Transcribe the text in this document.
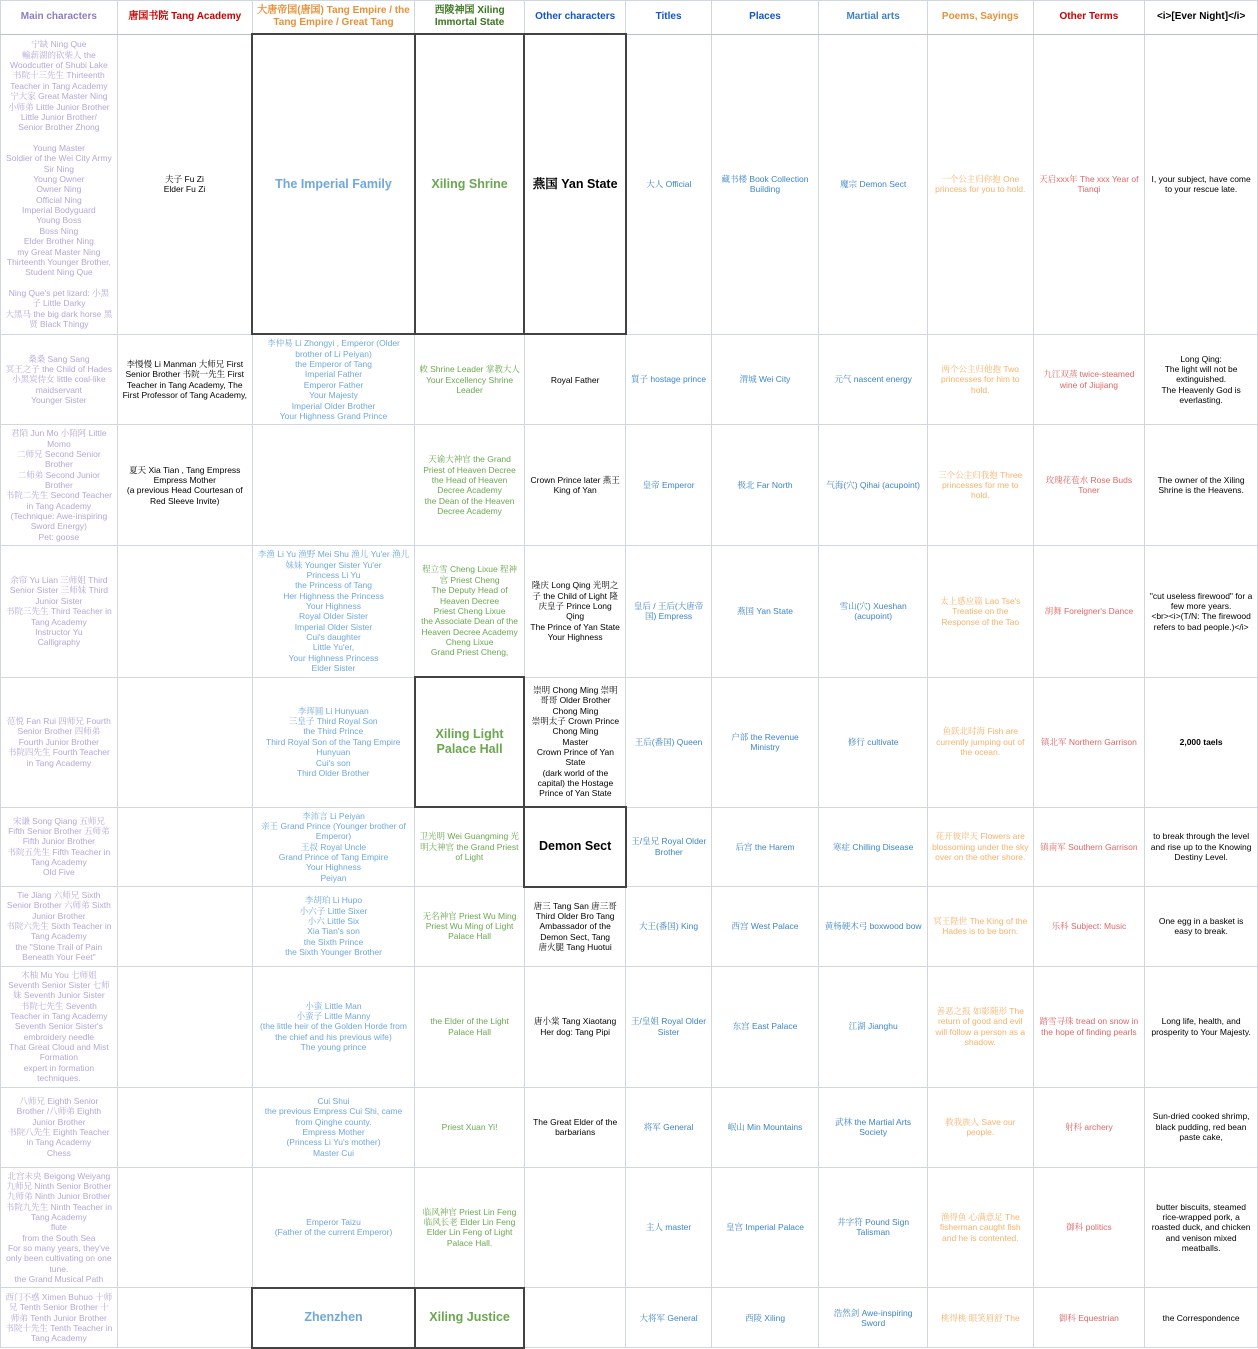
Main characters	唐国书院 Tang Academy	大唐帝国(唐国) Tang Empire / the Tang Empire / Great Tang	西陵神国 Xiling Immortal State	Other characters	Titles	Places	Martial arts	Poems, Sayings	Other Terms	<i>[Ever Night]</i>
宁缺 Ning Que
輸薪湖的砍柴人 the Woodcutter of Shubi Lake
书院十三先生 Thirteenth Teacher in Tang Academy
宁大家 Great Master Ning 小师弟 Little Junior Brother
Little Junior Brother/
Senior Brother Zhong

Young Master
Soldier of the Wei City Army
Sir Ning
Young Owner
Owner Ning
Official Ning
Imperial Bodyguard
Young Boss
Boss Ning
Elder Brother Ning
my Great Master Ning
Thirteenth Younger Brother,
Student Ning Que

Ning Que's pet lizard: 小黑子 Little Darky
大黑马 the big dark horse 黑贤 Black Thingy	夫子 Fu Zi
Elder Fu Zi	The Imperial Family	Xiling Shrine	燕国 Yan State	大人 Official	藏书楼 Book Collection Building	魔宗 Demon Sect	一个公主归你抱 One princess for you to hold.	天启xxx年 The xxx Year of Tianqi	I, your subject, have come to your rescue late.
桑桑 Sang Sang
冥王之子 the Child of Hades
小黑炭侍女 little coal-like maidservant
Younger Sister	李慢慢 Li Manman 大师兄 First Senior Brother 书院一先生 First Teacher in Tang Academy, The First Professor of Tang Academy,	李仲易 Li Zhongyi , Emperor (Older brother of Li Peiyan)
the Emperor of Tang
Imperial Father
Emperor Father
Your Majesty
Imperial Older Brother
Your Highness Grand Prince	敕 Shrine Leader 掌教大人 Your Excellency Shrine Leader	Royal Father	質子 hostage prince	渭城 Wei City	元气 nascent energy	两个公主归他抱 Two princesses for him to hold.	九江双蒸 twice-steamed wine of Jiujiang	Long Qing:
The light will not be extinguished.
The Heavenly God is everlasting.
君陌 Jun Mo 小陌阿 Little Momo
二师兄 Second Senior Brother
二师弟 Second Junior Brother
书院二先生 Second Teacher in Tang Academy
(Technique: Awe-inspiring Sword Energy)
Pet: goose	夏天 Xia Tian , Tang Empress
Empress Mother
(a previous Head Courtesan of Red Sleeve Invite)		天谕大神官 the Grand Priest of Heaven Decree
the Head of Heaven Decree Academy
the Dean of the Heaven Decree Academy	Crown Prince later 燕王 King of Yan	皇帝 Emperor	极北 Far North	气海(穴) Qihai (acupoint)	三个公主归我抱 Three princesses for me to hold.	玫瑰花苞水 Rose Buds Toner	The owner of the Xiling Shrine is the Heavens.
余帘 Yu Lian 三师姐 Third Senior Sister 三师妹 Third Junior Sister
书院三先生 Third Teacher in Tang Academy
Instructor Yu
Calligraphy		李渔 Li Yu 渔野 Mei Shu 渔儿 Yu'er 渔儿妹妹 Younger Sister Yu'er
Princess Li Yu
the Princess of Tang
Her Highness the Princess
Your Highness
Royal Older Sister
Imperial Older Sister
Cui's daughter
Little Yu'er,
Your Highness Princess
Elder Sister	程立雪 Cheng Lixue 程神官 Priest Cheng
The Deputy Head of Heaven Decree
Priest Cheng Lixue
the Associate Dean of the Heaven Decree Academy
Cheng Lixue
Grand Priest Cheng,	隆庆 Long Qing 光明之子 the Child of Light 隆庆皇子 Prince Long Qing
The Prince of Yan State
Your Highness	皇后 / 王后(大唐帝国) Empress	燕国 Yan State	雪山(穴) Xueshan (acupoint)	太上感应篇 Lao Tse's Treatise on the Response of the Tao	胡舞 Foreigner's Dance	"cut useless firewood" for a few more years.
<br><i>(T/N: The firewood refers to bad people.)</i>
范悦 Fan Rui 四师兄 Fourth Senior Brother 四师弟 Fourth Junior Brother
书院四先生 Fourth Teacher in Tang Academy		李珲圆 Li Hunyuan
三皇子 Third Royal Son
the Third Prince
Third Royal Son of the Tang Empire
Hunyuan
Cui's son
Third Older Brother	Xiling Light Palace Hall	崇明 Chong Ming 崇明哥哥 Older Brother Chong Ming
崇明太子 Crown Prince Chong Ming
Master
Crown Prince of Yan State
(dark world of the capital) the Hostage Prince of Yan State	王后(番国) Queen	户部 the Revenue Ministry	修行 cultivate	鱼跃北时海 Fish are currently jumping out of the ocean.	镇北军 Northern Garrison	2,000 taels
宋谦 Song Qiang 五师兄 Fifth Senior Brother 五师弟 Fifth Junior Brother
书院五先生 Fifth Teacher in Tang Academy
Old Five		李沛言 Li Peiyan
亲王 Grand Prince (Younger brother of Emperor)
王叔 Royal Uncle
Grand Prince of Tang Empire
Your Highness
Peiyan	卫光明 Wei Guangming 光明大神官 the Grand Priest of Light	Demon Sect	王/皇兄 Royal Older Brother	后宫 the Harem	寒症 Chilling Disease	花开彼岸天 Flowers are blossoming under the sky over on the other shore.	镇南军 Southern Garrison	to break through the level and rise up to the Knowing Destiny Level.
Tie Jiang 六师兄 Sixth Senior Brother 六师弟 Sixth Junior Brother
书院六先生 Sixth Teacher in Tang Academy
the "Stone Trail of Pain Beneath Your Feet"		李胡珀 Li Hupo
小六子 Little Sixer
小六 Little Six
Xia Tian's son
the Sixth Prince
the Sixth Younger Brother	无名神官 Priest Wu Ming
Priest Wu Ming of Light Palace Hall	唐三 Tang San 唐三哥 Third Older Bro Tang
Ambassador of the Demon Sect, Tang
唐火腿 Tang Huotui	大王(番国) King	西宫 West Palace	黄杨硬木弓 boxwood bow	冥王陛世 The King of the Hades is to be born.	乐科 Subject: Music	One egg in a basket is easy to break.
木柚 Mu You 七师姐 Seventh Senior Sister 七师妹 Seventh Junior Sister
书院七先生 Seventh Teacher in Tang Academy
Seventh Senior Sister's embroidery needle
That Great Cloud and Mist Formation
expert in formation techniques.		小蛮 Little Man
小蛮子 Little Manny
(the little heir of the Golden Horde from the chief and his previous wife)
The young prince	the Elder of the Light Palace Hall	唐小棠 Tang Xiaotang
Her dog: Tang Pipi	王/皇姐 Royal Older Sister	东宫 East Palace	江湖 Jianghu	善恶之报 如影随形 The return of good and evil will follow a person as a shadow.	踏雪寻珠 tread on snow in the hope of finding pearls	Long life, health, and prosperity to Your Majesty.
八师兄 Eighth Senior Brother /八师弟 Eighth Junior Brother
书院八先生 Eighth Teacher in Tang Academy
Chess		Cui Shui
the previous Empress Cui Shi, came from Qinghe county.
Empress Mother
(Princess Li Yu's mother)
Master Cui	Priest Xuan Yi!	The Great Elder of the barbarians	将军 General	岷山 Min Mountains	武林 the Martial Arts Society	救我族人 Save our people.	射科 archery	Sun-dried cooked shrimp, black pudding, red bean paste cake,
北宫未央 Beigong Weiyang 九师兄 Ninth Senior Brother 九师弟 Ninth Junior Brother
书院九先生 Ninth Teacher in Tang Academy
flute
from the South Sea
For so many years, they've only been cultivating on one tune.
the Grand Musical Path		Emperor Taizu
(Father of the current Emperor)	临风神官 Priest Lin Feng
临风长老 Elder Lin Feng
Elder Lin Feng of Light Palace Hall.		主人 master	皇宫 Imperial Palace	井字符 Pound Sign Talisman	渔得鱼 心满意足 The fisherman caught fish and he is contented.	御科 politics	butter biscuits, steamed rice-wrapped pork, a roasted duck, and chicken and venison mixed meatballs.
西门不惑 Ximen Buhuo 十师兄 Tenth Senior Brother 十师弟 Tenth Junior Brother
书院十先生 Tenth Teacher in Tang Academy		Zhenzhen	Xiling Justice		大将军 General	西陵 Xiling	浩然剑 Awe-inspiring Sword	桃得桃 眼笑眉舒 The	御科 Equestrian	the Correspondence
